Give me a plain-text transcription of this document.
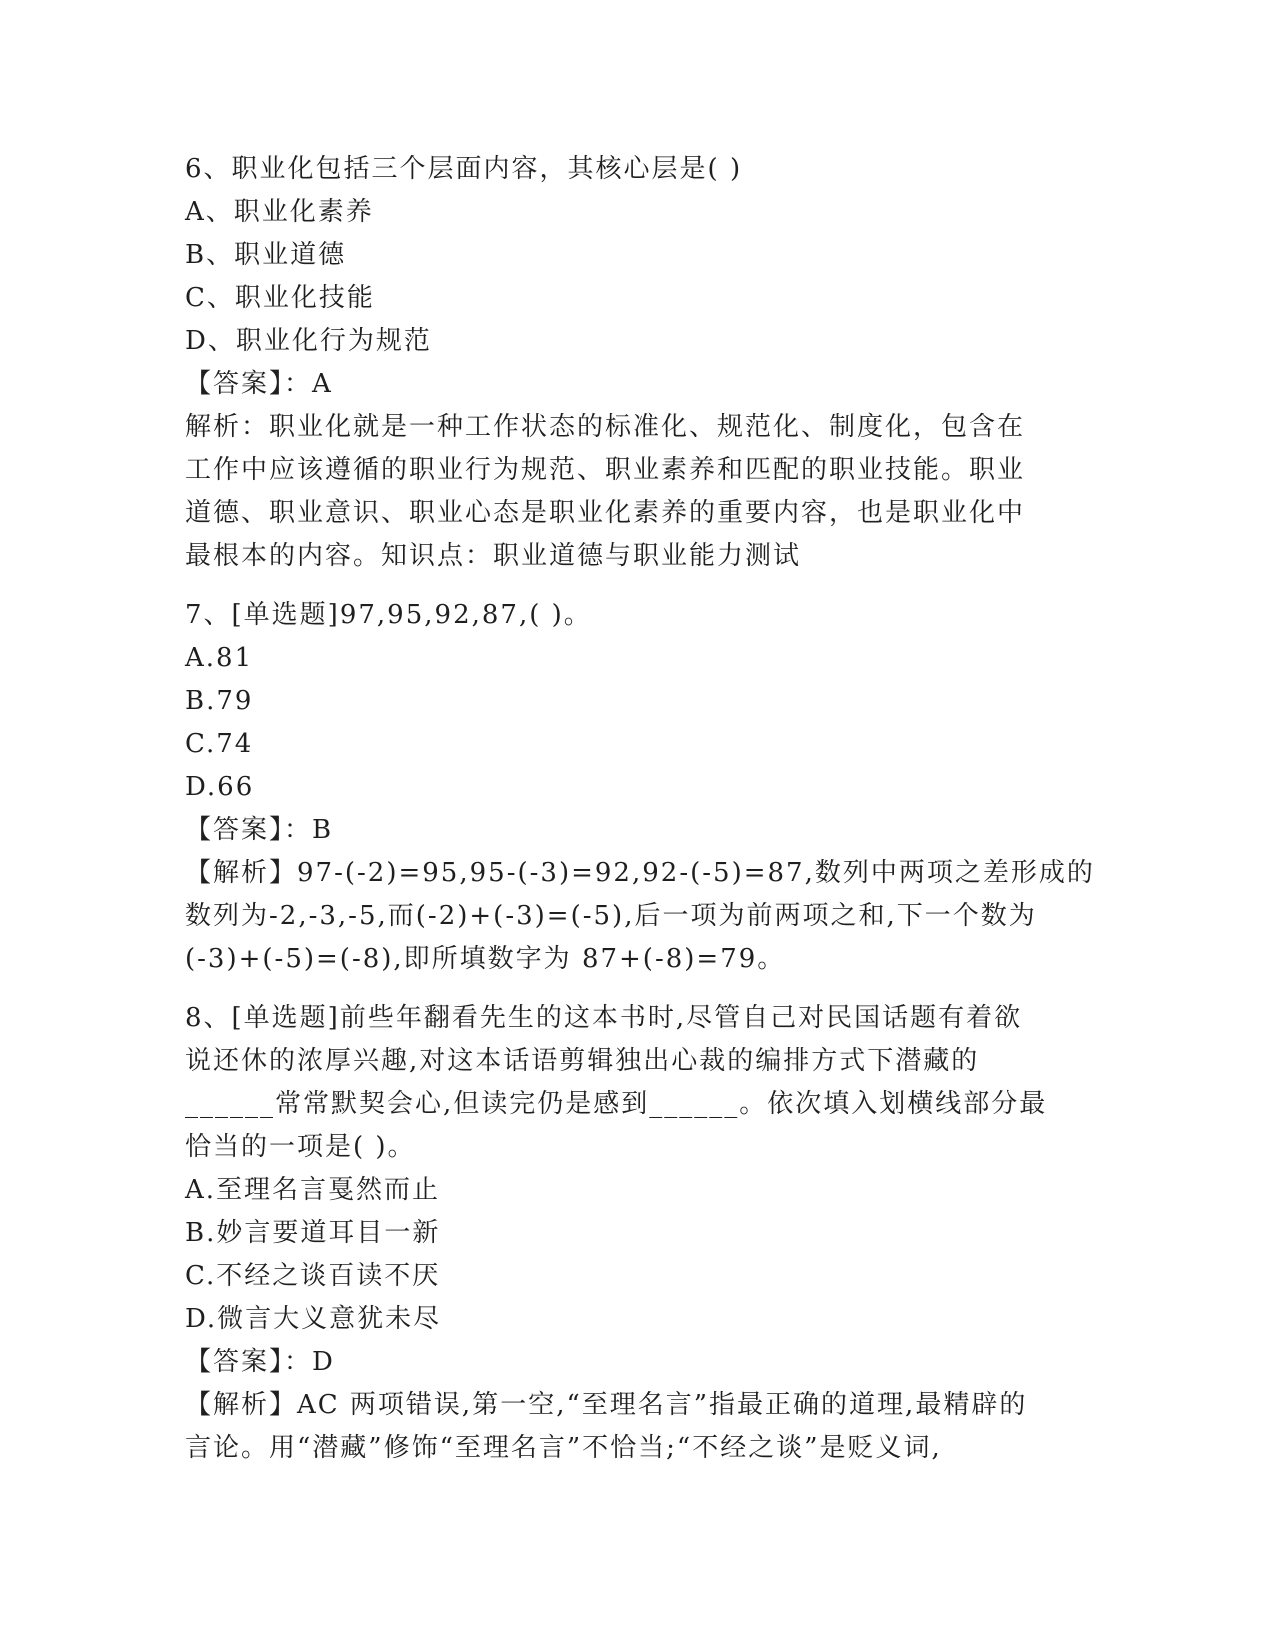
6、职业化包括三个层面内容，其核心层是( )
A、职业化素养
B、职业道德
C、职业化技能
D、职业化行为规范
【答案】：A
解析：职业化就是一种工作状态的标准化、规范化、制度化，包含在
工作中应该遵循的职业行为规范、职业素养和匹配的职业技能。职业
道德、职业意识、职业心态是职业化素养的重要内容，也是职业化中
最根本的内容。知识点：职业道德与职业能力测试
7、[单选题]97,95,92,87,( )。
A.81
B.79
C.74
D.66
【答案】：B
【解析】97-(-2)=95,95-(-3)=92,92-(-5)=87,数列中两项之差形成的
数列为-2,-3,-5,而(-2)+(-3)=(-5),后一项为前两项之和,下一个数为
(-3)+(-5)=(-8),即所填数字为 87+(-8)=79。
8、[单选题]前些年翻看先生的这本书时,尽管自己对民国话题有着欲
说还休的浓厚兴趣,对这本话语剪辑独出心裁的编排方式下潜藏的
______常常默契会心,但读完仍是感到______。依次填入划横线部分最
恰当的一项是( )。
A.至理名言戛然而止
B.妙言要道耳目一新
C.不经之谈百读不厌
D.微言大义意犹未尽
【答案】：D
【解析】AC 两项错误,第一空,“至理名言”指最正确的道理,最精辟的
言论。用“潜藏”修饰“至理名言”不恰当;“不经之谈”是贬义词,
